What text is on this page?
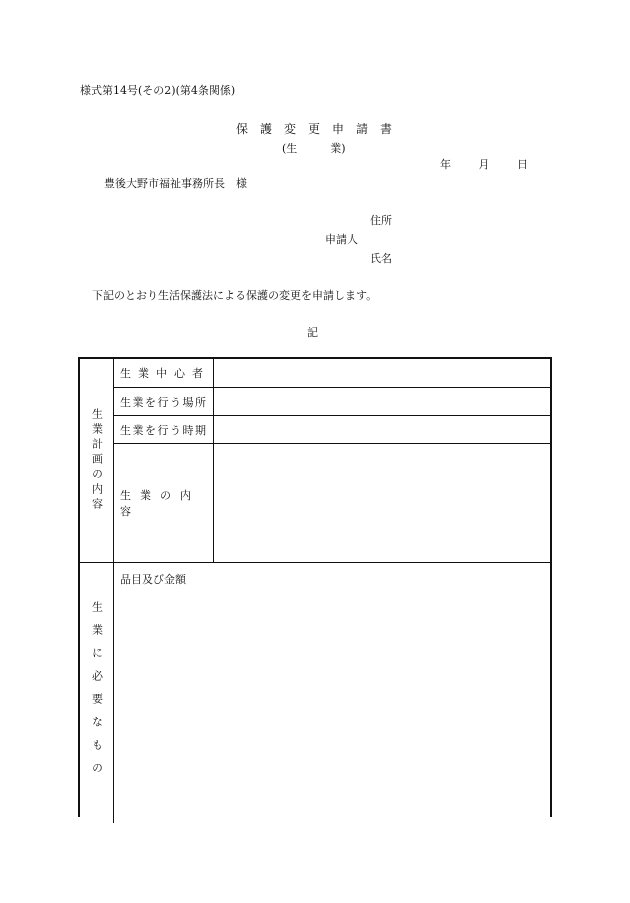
様式第14号(その2)(第4条関係)
保護変更申請書
(生　　　業)
年	月	日
豊後大野市福祉事務所長　様
住所
申請人
氏名
下記のとおり生活保護法による保護の変更を申請します。
記
生業計画の内容
生業中心者
生業を行う場所
生業を行う時期
生業の内容
生業に必要なもの
品目及び金額
